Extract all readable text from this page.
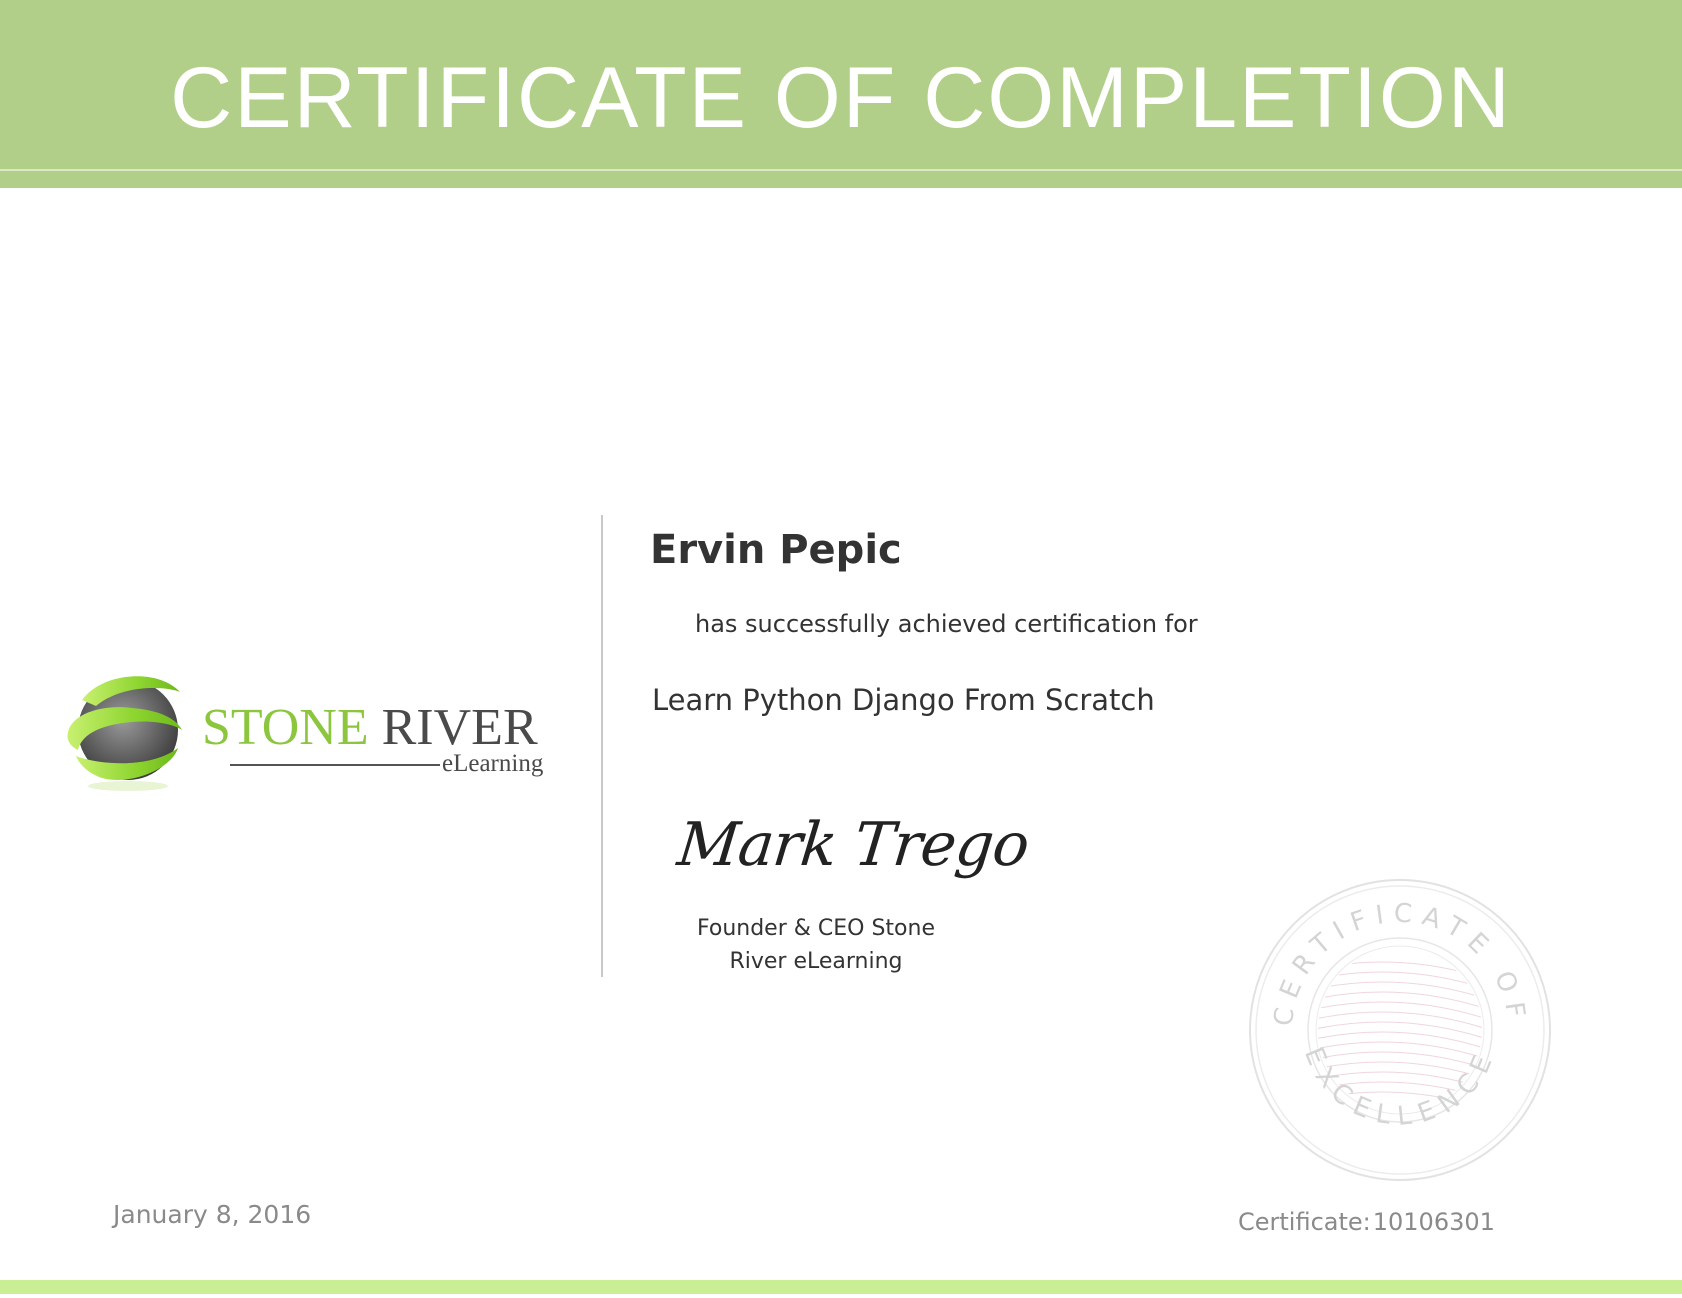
CERTIFICATE OF COMPLETION
STONE RIVER
eLearning
Ervin Pepic
has successfully achieved certification for
Learn Python Django From Scratch
Mark Trego
Founder & CEO Stone
River eLearning
CERTIFICATE OF
EXCELLENCE
January 8, 2016	Certificate:10106301
